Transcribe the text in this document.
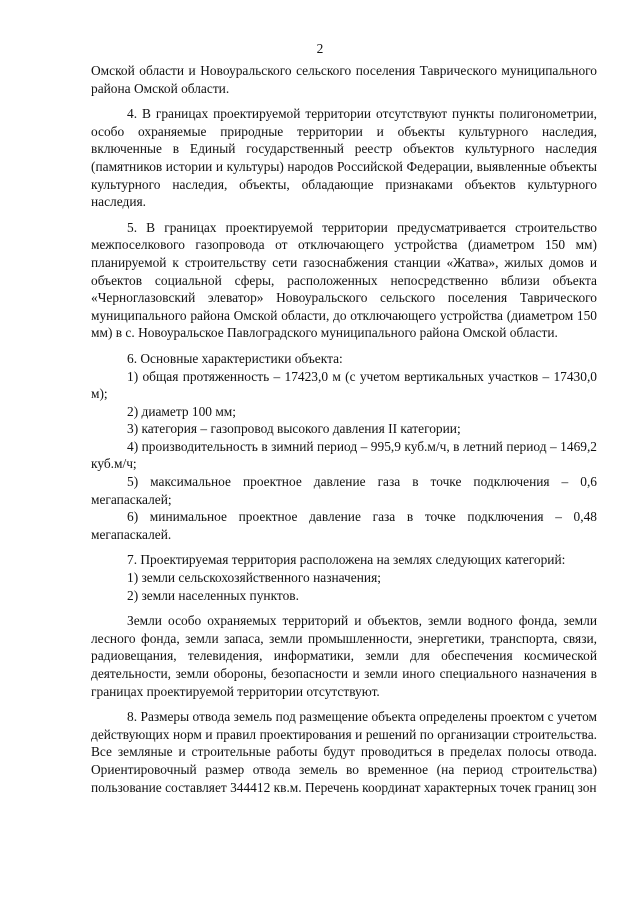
2

Омской области и Новоуральского сельского поселения Таврического муниципального района Омской области.

4. В границах проектируемой территории отсутствуют пункты полигонометрии, особо охраняемые природные территории и объекты культурного наследия, включенные в Единый государственный реестр объектов культурного наследия (памятников истории и культуры) народов Российской Федерации, выявленные объекты культурного наследия, объекты, обладающие признаками объектов культурного наследия.

5. В границах проектируемой территории предусматривается строительство межпоселкового газопровода от отключающего устройства (диаметром 150 мм) планируемой к строительству сети газоснабжения станции «Жатва», жилых домов и объектов социальной сферы, расположенных непосредственно вблизи объекта «Черноглазовский элеватор» Новоуральского сельского поселения Таврического муниципального района Омской области, до отключающего устройства (диаметром 150 мм) в с. Новоуральское Павлоградского муниципального района Омской области.

6. Основные характеристики объекта:

1) общая протяженность – 17423,0 м (с учетом вертикальных участков – 17430,0 м);

2) диаметр 100 мм;

3) категория – газопровод высокого давления II категории;

4) производительность в зимний период – 995,9 куб.м/ч, в летний период – 1469,2 куб.м/ч;

5) максимальное проектное давление газа в точке подключения – 0,6 мегапаскалей;

6) минимальное проектное давление газа в точке подключения – 0,48 мегапаскалей.

7. Проектируемая территория расположена на землях следующих категорий:

1) земли сельскохозяйственного назначения;

2) земли населенных пунктов.

Земли особо охраняемых территорий и объектов, земли водного фонда, земли лесного фонда, земли запаса, земли промышленности, энергетики, транспорта, связи, радиовещания, телевидения, информатики, земли для обеспечения космической деятельности, земли обороны, безопасности и земли иного специального назначения в границах проектируемой территории отсутствуют.

8. Размеры отвода земель под размещение объекта определены проектом с учетом действующих норм и правил проектирования и решений по организации строительства. Все земляные и строительные работы будут проводиться в пределах полосы отвода. Ориентировочный размер отвода земель во временное (на период строительства) пользование составляет 344412 кв.м. Перечень координат характерных точек границ зон
